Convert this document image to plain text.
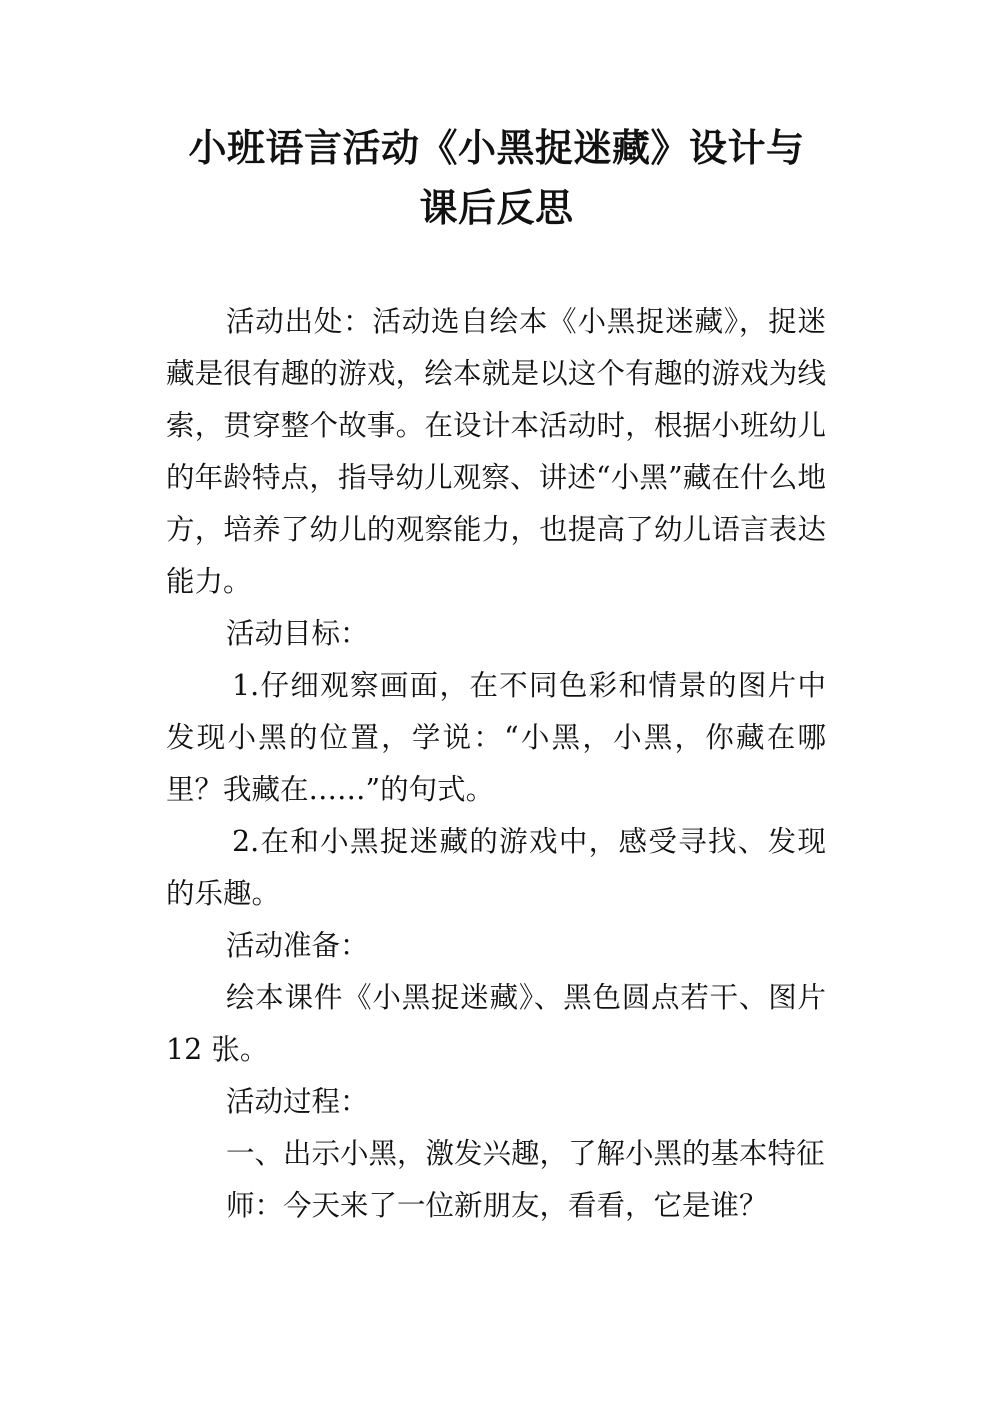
小班语言活动《小黑捉迷藏》设计与
课后反思

活动出处：活动选自绘本《小黑捉迷藏》，捉迷藏是很有趣的游戏，绘本就是以这个有趣的游戏为线索，贯穿整个故事。在设计本活动时，根据小班幼儿的年龄特点，指导幼儿观察、讲述“小黑”藏在什么地方，培养了幼儿的观察能力，也提高了幼儿语言表达能力。

活动目标：

1.仔细观察画面，在不同色彩和情景的图片中发现小黑的位置，学说：“小黑，小黑，你藏在哪里？我藏在……”的句式。

2.在和小黑捉迷藏的游戏中，感受寻找、发现的乐趣。

活动准备：

绘本课件《小黑捉迷藏》、黑色圆点若干、图片 12 张。

活动过程：

一、出示小黑，激发兴趣，了解小黑的基本特征

师：今天来了一位新朋友，看看，它是谁？
